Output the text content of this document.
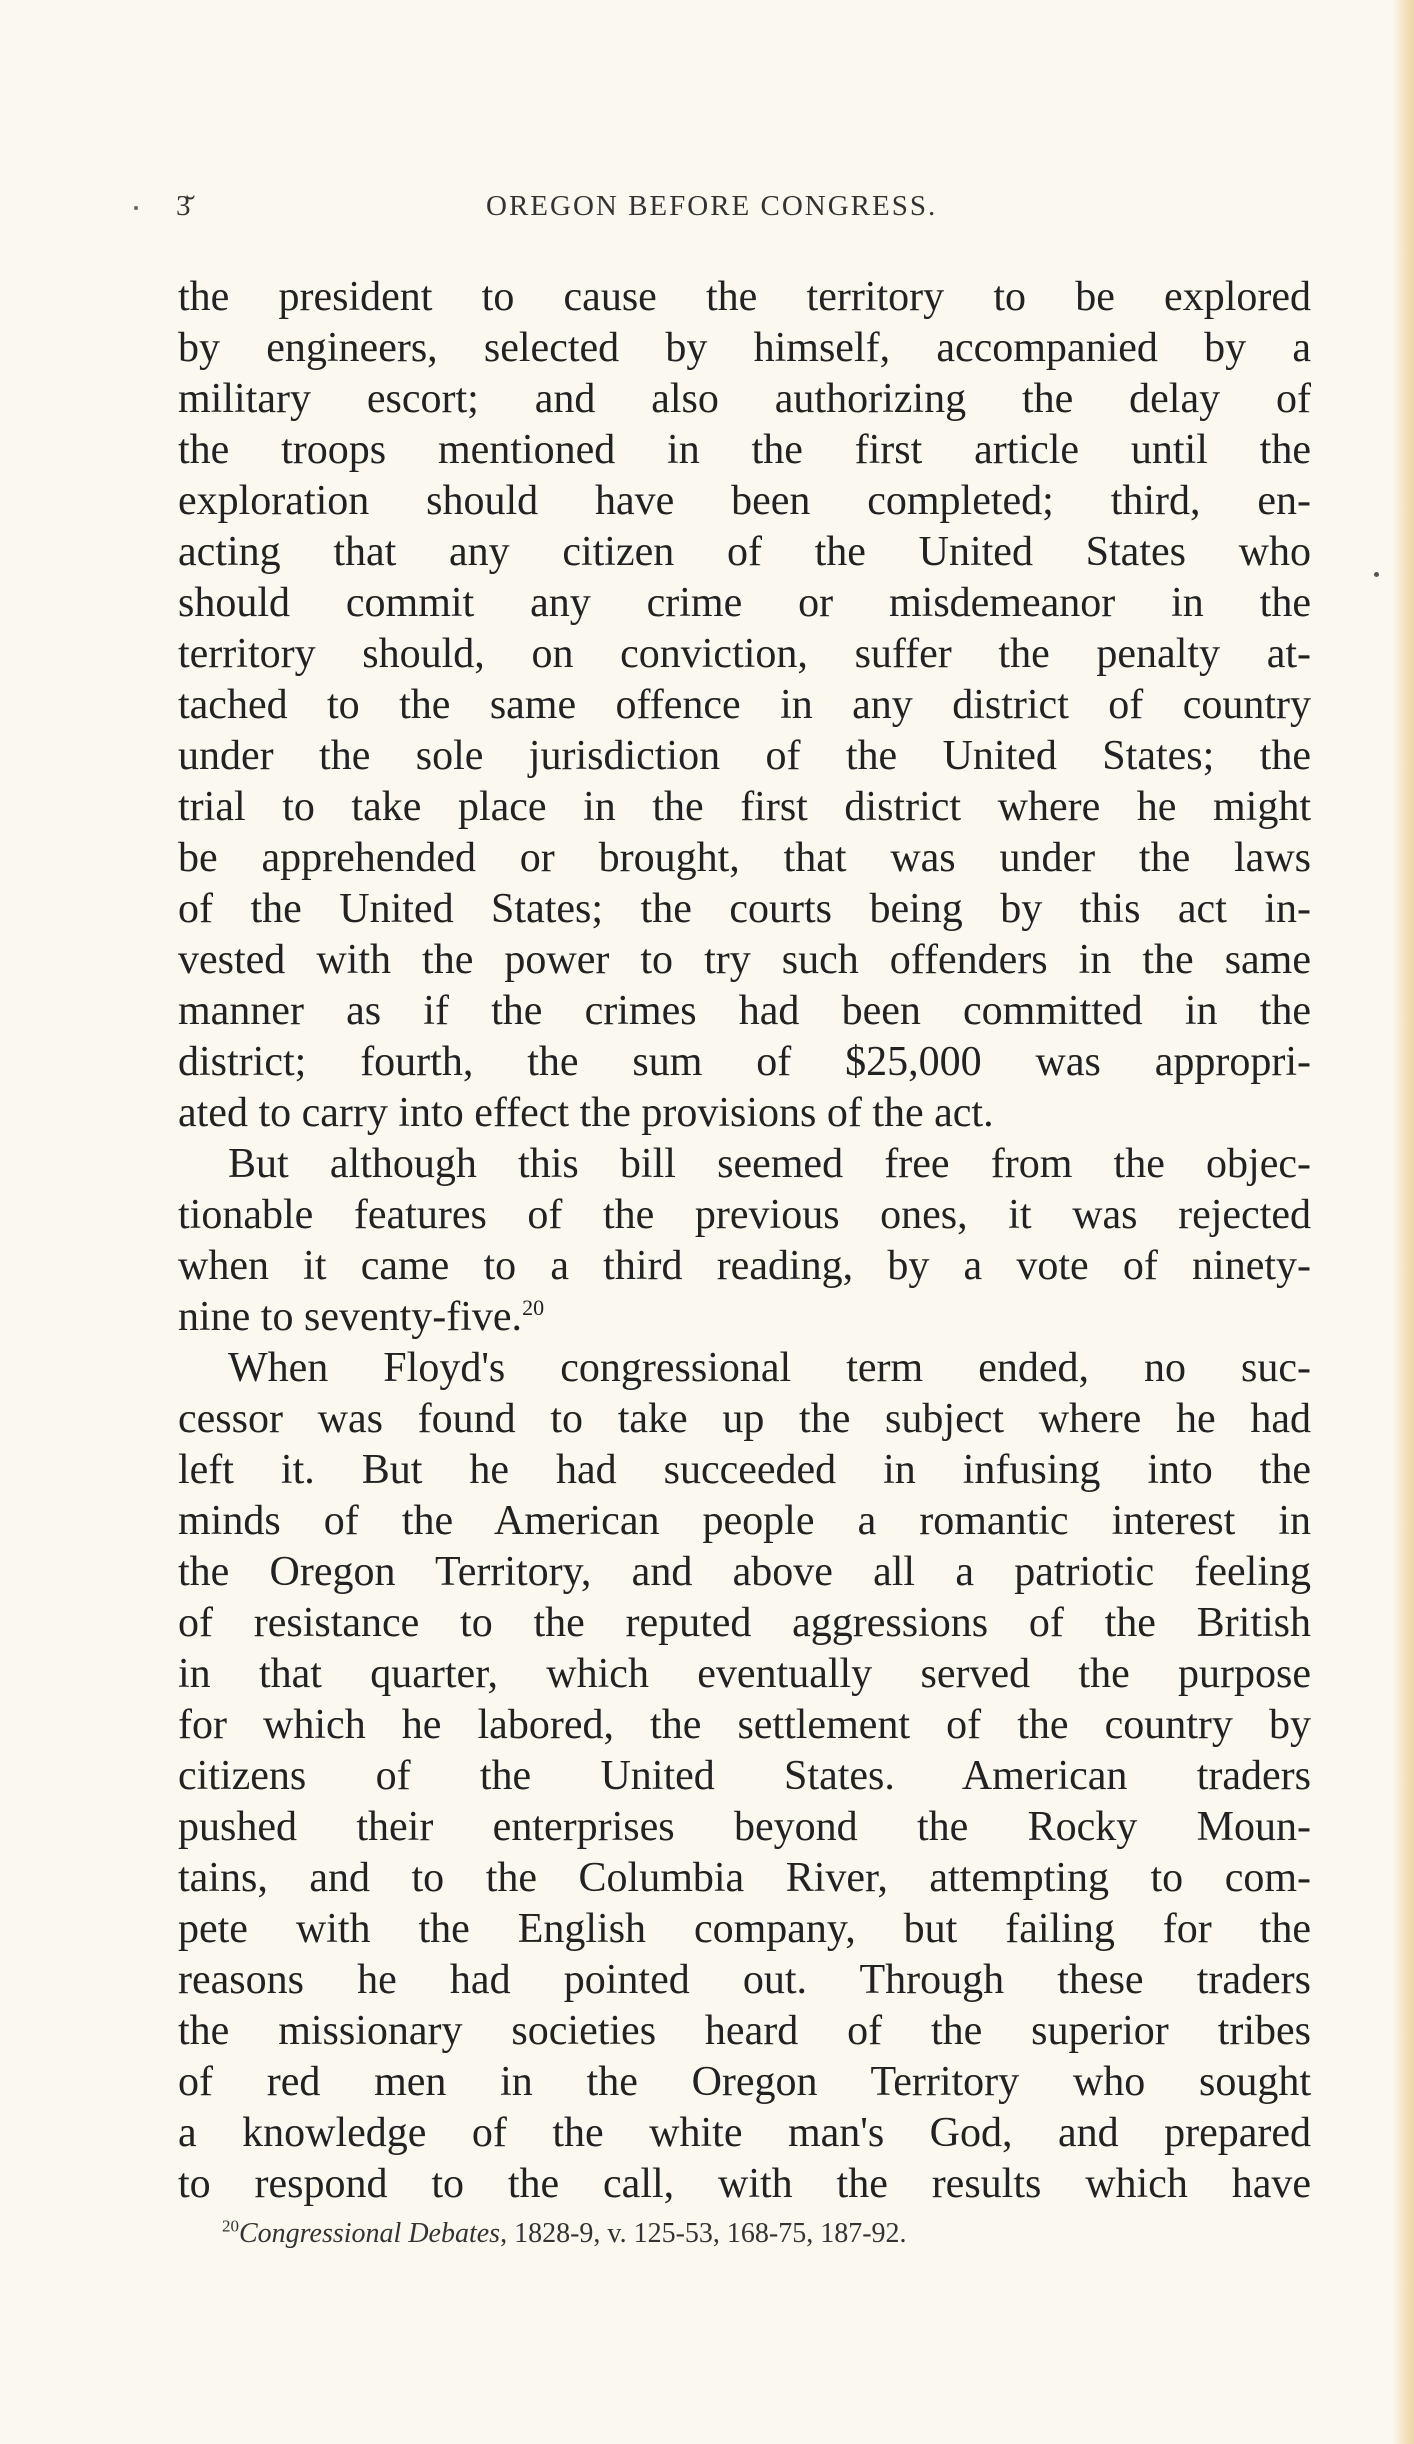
3̆	OREGON BEFORE CONGRESS.
the president to cause the territory to be explored
by engineers, selected by himself, accompanied by a
military escort; and also authorizing the delay of
the troops mentioned in the first article until the
exploration should have been completed; third, en-
acting that any citizen of the United States who
should commit any crime or misdemeanor in the
territory should, on conviction, suffer the penalty at-
tached to the same offence in any district of country
under the sole jurisdiction of the United States; the
trial to take place in the first district where he might
be apprehended or brought, that was under the laws
of the United States; the courts being by this act in-
vested with the power to try such offenders in the same
manner as if the crimes had been committed in the
district; fourth, the sum of $25,000 was appropri-
ated to carry into effect the provisions of the act.
But although this bill seemed free from the objec-
tionable features of the previous ones, it was rejected
when it came to a third reading, by a vote of ninety-
nine to seventy-five.$^{20}$
When Floyd's congressional term ended, no suc-
cessor was found to take up the subject where he had
left it. But he had succeeded in infusing into the
minds of the American people a romantic interest in
the Oregon Territory, and above all a patriotic feeling
of resistance to the reputed aggressions of the British
in that quarter, which eventually served the purpose
for which he labored, the settlement of the country by
citizens of the United States. American traders
pushed their enterprises beyond the Rocky Moun-
tains, and to the Columbia River, attempting to com-
pete with the English company, but failing for the
reasons he had pointed out. Through these traders
the missionary societies heard of the superior tribes
of red men in the Oregon Territory who sought
a knowledge of the white man's God, and prepared
to respond to the call, with the results which have
$^{20}$Congressional Debates, 1828-9, v. 125-53, 168-75, 187-92.
